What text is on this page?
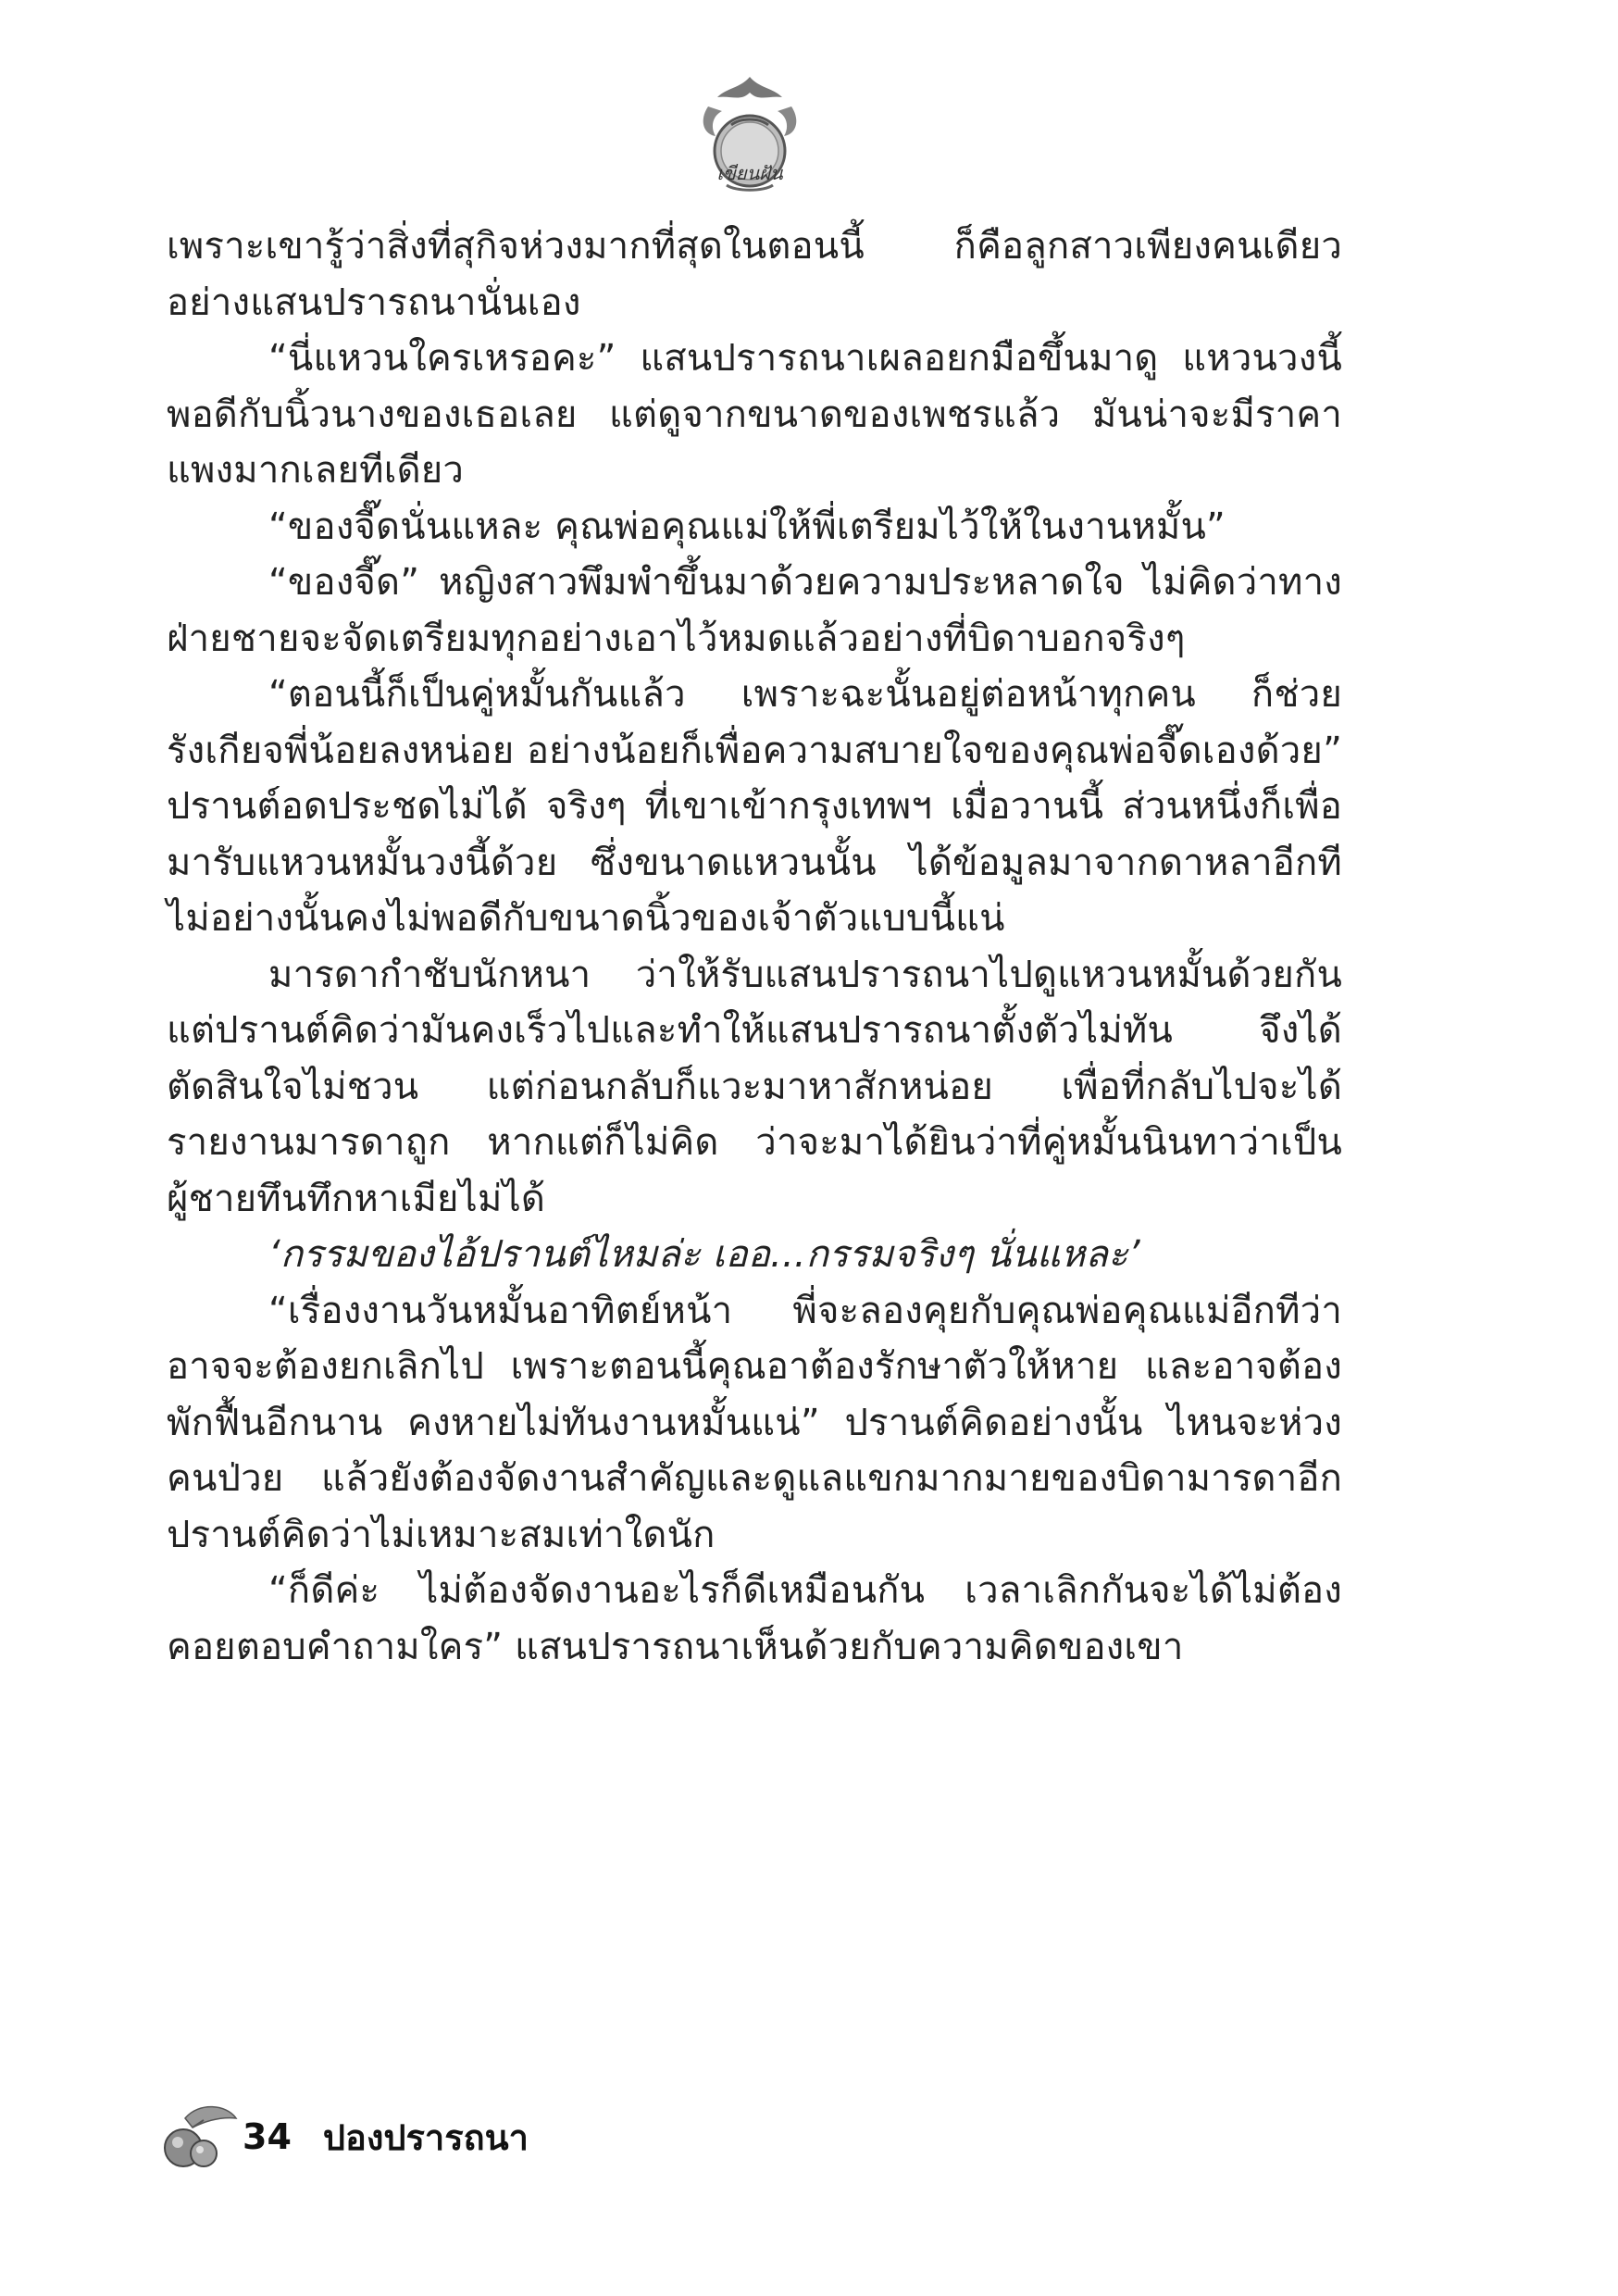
เขียนฝัน

เพราะเขารู้ว่าสิ่งที่สุกิจห่วงมากที่สุดในตอนนี้ ก็คือลูกสาวเพียงคนเดียวอย่างแสนปรารถนานั่นเอง

“นี่แหวนใครเหรอคะ” แสนปรารถนาเผลอยกมือขึ้นมาดู แหวนวงนี้พอดีกับนิ้วนางของเธอเลย แต่ดูจากขนาดของเพชรแล้ว มันน่าจะมีราคาแพงมากเลยทีเดียว

“ของจี๊ดนั่นแหละ คุณพ่อคุณแม่ให้พี่เตรียมไว้ให้ในงานหมั้น”

“ของจี๊ด” หญิงสาวพึมพำขึ้นมาด้วยความประหลาดใจ ไม่คิดว่าทางฝ่ายชายจะจัดเตรียมทุกอย่างเอาไว้หมดแล้วอย่างที่บิดาบอกจริงๆ

“ตอนนี้ก็เป็นคู่หมั้นกันแล้ว เพราะฉะนั้นอยู่ต่อหน้าทุกคน ก็ช่วยรังเกียจพี่น้อยลงหน่อย อย่างน้อยก็เพื่อความสบายใจของคุณพ่อจี๊ดเองด้วย” ปรานต์อดประชดไม่ได้ จริงๆ ที่เขาเข้ากรุงเทพฯ เมื่อวานนี้ ส่วนหนึ่งก็เพื่อมารับแหวนหมั้นวงนี้ด้วย ซึ่งขนาดแหวนนั้น ได้ข้อมูลมาจากดาหลาอีกที ไม่อย่างนั้นคงไม่พอดีกับขนาดนิ้วของเจ้าตัวแบบนี้แน่

มารดากำชับนักหนา ว่าให้รับแสนปรารถนาไปดูแหวนหมั้นด้วยกันแต่ปรานต์คิดว่ามันคงเร็วไปและทำให้แสนปรารถนาตั้งตัวไม่ทัน จึงได้ตัดสินใจไม่ชวน แต่ก่อนกลับก็แวะมาหาสักหน่อย เพื่อที่กลับไปจะได้รายงานมารดาถูก หากแต่ก็ไม่คิด ว่าจะมาได้ยินว่าที่คู่หมั้นนินทาว่าเป็นผู้ชายทึนทึกหาเมียไม่ได้

‘กรรมของไอ้ปรานต์ไหมล่ะ เออ...กรรมจริงๆ นั่นแหละ’

“เรื่องงานวันหมั้นอาทิตย์หน้า พี่จะลองคุยกับคุณพ่อคุณแม่อีกทีว่าอาจจะต้องยกเลิกไป เพราะตอนนี้คุณอาต้องรักษาตัวให้หาย และอาจต้องพักฟื้นอีกนาน คงหายไม่ทันงานหมั้นแน่” ปรานต์คิดอย่างนั้น ไหนจะห่วงคนป่วย แล้วยังต้องจัดงานสำคัญและดูแลแขกมากมายของบิดามารดาอีก ปรานต์คิดว่าไม่เหมาะสมเท่าใดนัก

“ก็ดีค่ะ ไม่ต้องจัดงานอะไรก็ดีเหมือนกัน เวลาเลิกกันจะได้ไม่ต้องคอยตอบคำถามใคร” แสนปรารถนาเห็นด้วยกับความคิดของเขา

34 ปองปรารถนา
